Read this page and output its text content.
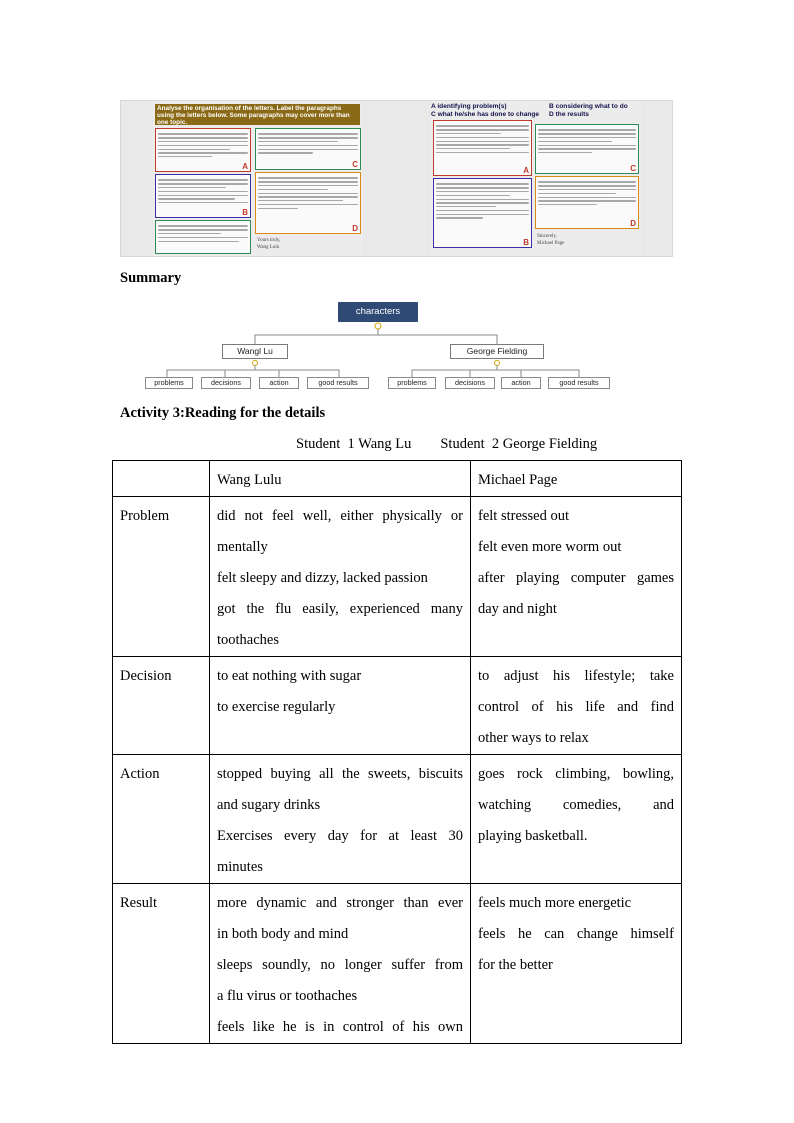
Analyse the organisation of the letters. Label the paragraphs using the letters below. Some paragraphs may cover more than one topic.
A
B
C
D
Yours truly,
Wang Lulu
A identifying problem(s)	B considering what to do
C what he/she has done to change D the results
A
B
C
D
Sincerely,
Michael Page
Summary
characters
Wangl Lu	George Fielding
problems	decisions	action	good results	problems	decisions	action	good results
Activity 3:Reading for the details
Student  1 Wang Lu        Student  2 George Fielding
	Wang Lulu	Michael Page
Problem	did not feel well, either physically or
mentally
felt sleepy and dizzy, lacked passion
got the flu easily, experienced many
toothaches	felt stressed out
felt even more worm out
after playing computer games
day and night

Decision	to eat nothing with sugar
to exercise regularly	to adjust his lifestyle; take
control of his life and find
other ways to relax

Action	stopped buying all the sweets, biscuits
and sugary drinks
Exercises every day for at least 30
minutes	goes rock climbing, bowling,
watching comedies, and
playing basketball.

Result	more dynamic and stronger than ever
in both body and mind
sleeps soundly, no longer suffer from
a flu virus or toothaches
feels like he is in control of his own	feels much more energetic
feels he can change himself
for the better
